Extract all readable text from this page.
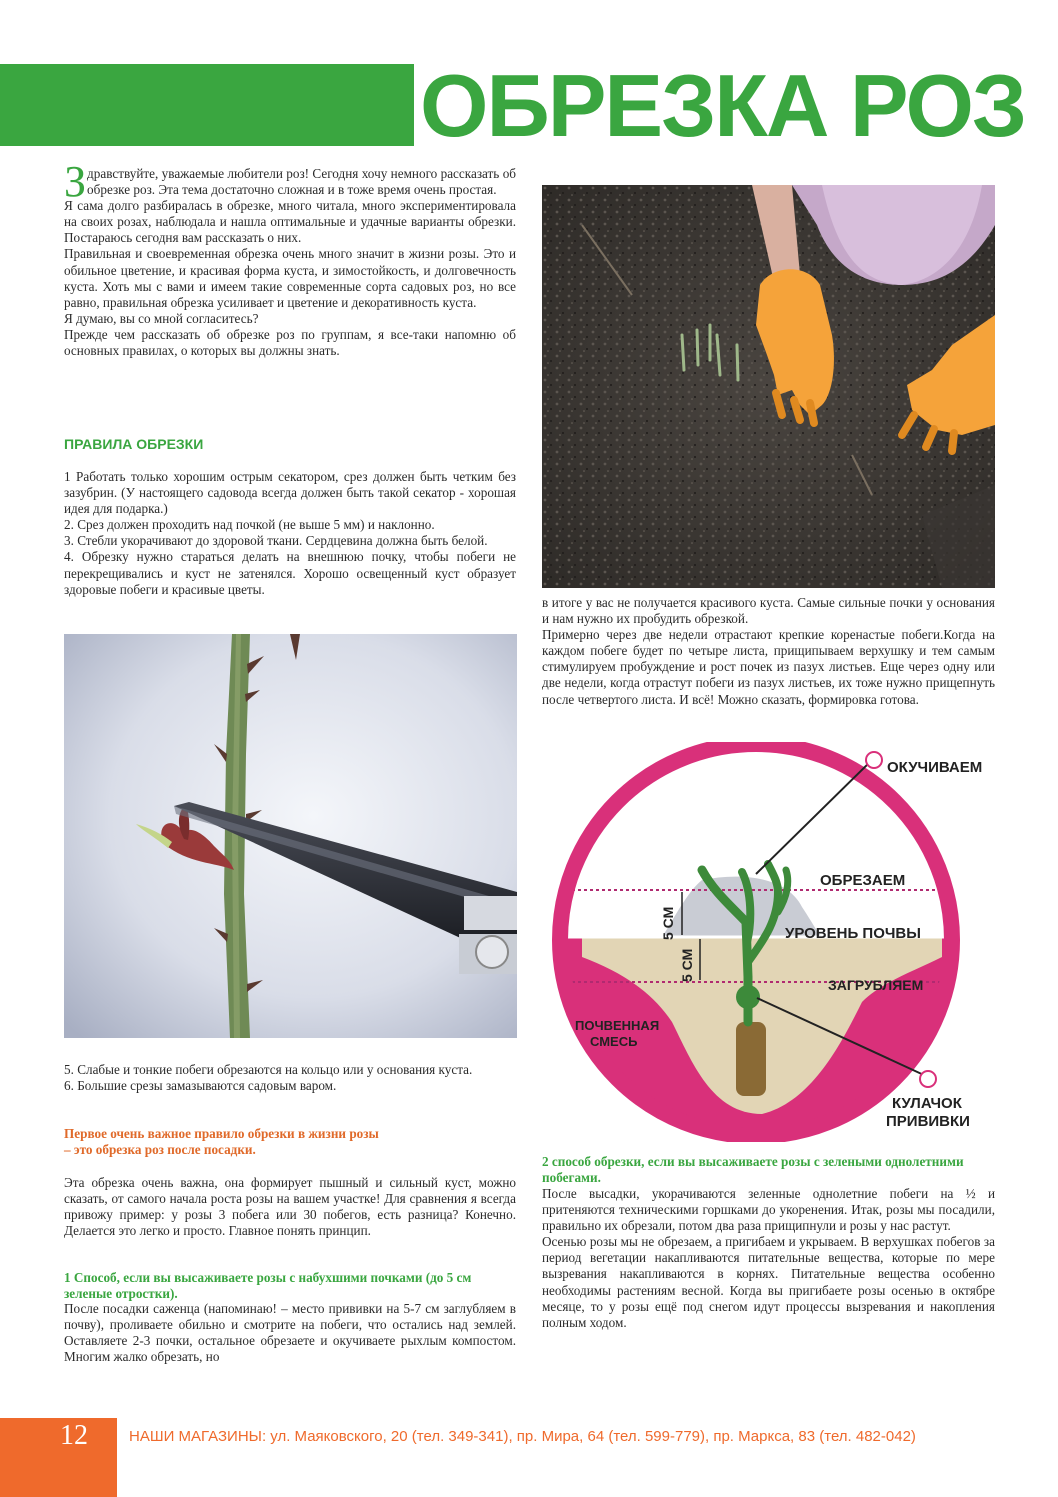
ОБРЕЗКА РОЗ

З дравствуйте, уважаемые любители роз! Сегодня хочу немного рассказать об обрезке роз. Эта тема достаточно сложная и в тоже время очень простая.

Я сама долго разбиралась в обрезке, много читала, много экспериментировала на своих розах, наблюдала и нашла оптимальные и удачные варианты обрезки. Постараюсь сегодня вам рассказать о них.

Правильная и своевременная обрезка очень много значит в жизни розы. Это и обильное цветение, и красивая форма куста, и зимостойкость, и долговечность куста. Хоть мы с вами и имеем такие современные сорта садовых роз, но все равно, правильная обрезка усиливает и цветение и декоративность куста.

Я думаю, вы со мной согласитесь?

Прежде чем рассказать об обрезке роз по группам, я все-таки напомню об основных правилах, о которых вы должны знать.

ПРАВИЛА ОБРЕЗКИ

1 Работать только хорошим острым секатором, срез должен быть четким без зазубрин. (У настоящего садовода всегда должен быть такой секатор - хорошая идея для подарка.)

2. Срез должен проходить над почкой (не выше 5 мм) и наклонно.

3. Стебли укорачивают до здоровой ткани. Сердцевина должна быть белой.

4. Обрезку нужно стараться делать на внешнюю почку, чтобы побеги не перекрещивались и куст не затенялся. Хорошо освещенный куст образует здоровые побеги и красивые цветы.

5. Слабые и тонкие побеги обрезаются на кольцо или у основания куста.

6. Большие срезы замазываются садовым варом.

Первое очень важное правило обрезки в жизни розы
– это обрезка роз после посадки.
Эта обрезка очень важна, она формирует пышный и сильный куст, можно сказать, от самого начала роста розы на вашем участке! Для сравнения я всегда привожу пример: у розы 3 побега или 30 побегов, есть разница? Конечно. Делается это легко и просто. Главное понять принцип.
1 Способ, если вы высаживаете розы с набухшими почками (до 5 см зеленые отростки).
После посадки саженца (напоминаю! – место прививки на 5-7 см заглубляем в почву), проливаете обильно и смотрите на побеги, что остались над землей. Оставляете 2-3 почки, остальное обрезаете и окучиваете рыхлым компостом. Многим жалко обрезать, но

в итоге у вас не получается красивого куста. Самые сильные почки у основания и нам нужно их пробудить обрезкой.

Примерно через две недели отрастают крепкие коренастые побеги.Когда на каждом побеге будет по четыре листа, прищипываем верхушку и тем самым стимулируем пробуждение и рост почек из пазух листьев. Еще через одну или две недели, когда отрастут побеги из пазух листьев, их тоже нужно прищепнуть после четвертого листа. И всё! Можно сказать, формировка готова.

5 СМ
5 СМ
ОКУЧИВАЕМ
ОБРЕЗАЕМ
УРОВЕНЬ ПОЧВЫ
ЗАГРУБЛЯЕМ
ПОЧВЕННАЯ
СМЕСЬ
КУЛАЧОК
ПРИВИВКИ
2 способ обрезки, если вы высаживаете розы с зелеными однолетними побегами.

После высадки, укорачиваются зеленные однолетние побеги на ½ и притеняются техническими горшками до укоренения. Итак, розы мы посадили, правильно их обрезали, потом два раза прищипнули и розы у нас растут.

Осенью розы мы не обрезаем, а пригибаем и укрываем. В верхушках побегов за период вегетации накапливаются питательные вещества, которые по мере вызревания накапливаются в корнях. Питательные вещества особенно необходимы растениям весной. Когда вы пригибаете розы осенью в октябре месяце, то у розы ещё под снегом идут процессы вызревания и накопления полным ходом.

12	НАШИ МАГАЗИНЫ: ул. Маяковского, 20 (тел. 349-341), пр. Мира, 64 (тел. 599-779), пр. Маркса, 83 (тел. 482-042)
